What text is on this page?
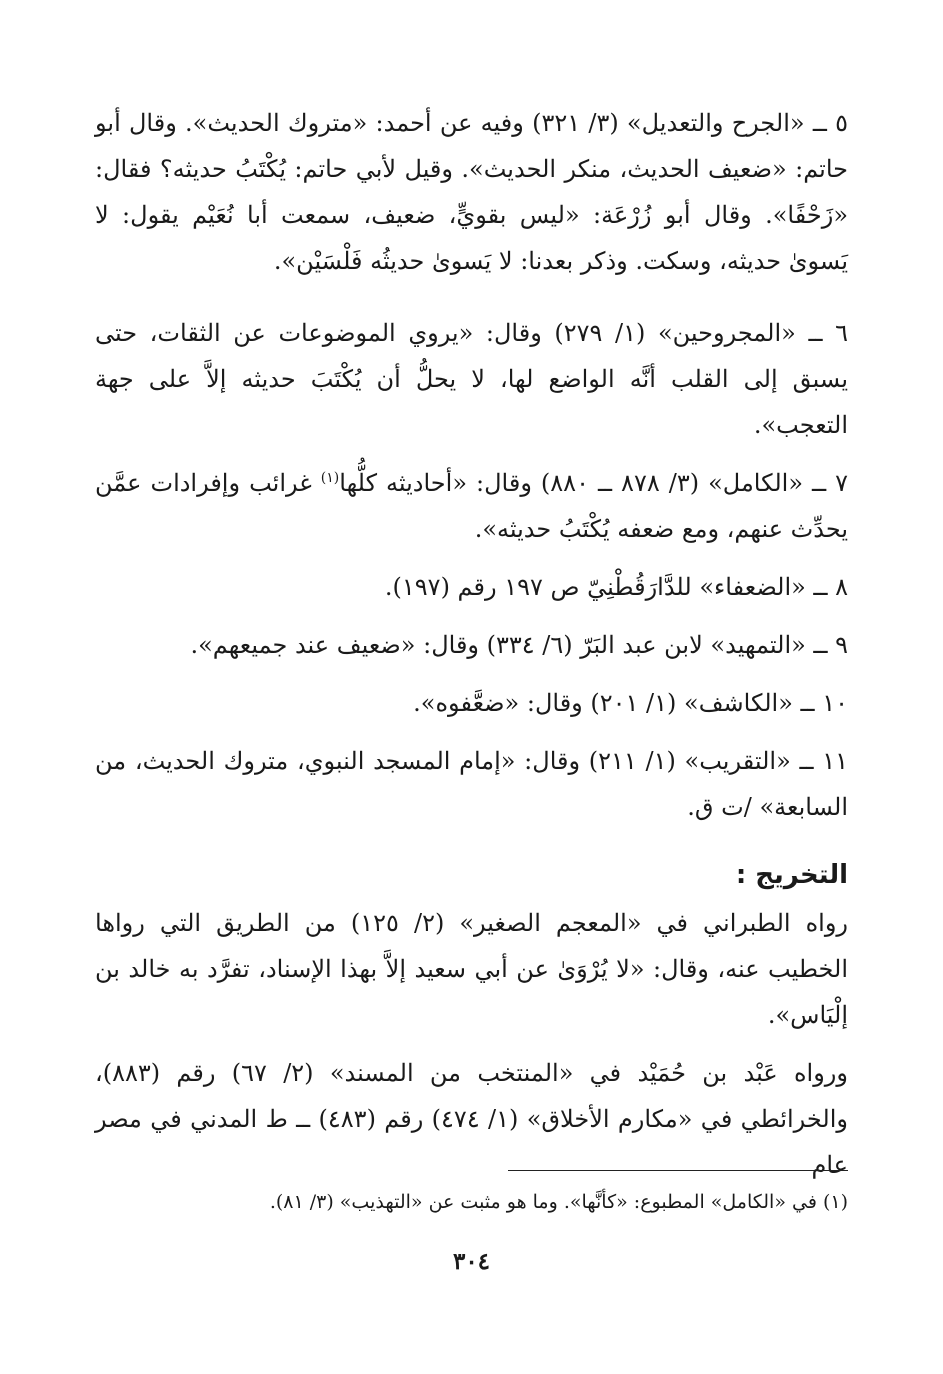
٥ ــ «الجرح والتعديل» (٣/ ٣٢١) وفيه عن أحمد: «متروك الحديث». وقال أبو حاتم: «ضعيف الحديث، منكر الحديث». وقيل لأبي حاتم: يُكْتَبُ حديثه؟ فقال: «زَحْفًا». وقال أبو زُرْعَة: «ليس بقويٍّ، ضعيف، سمعت أبا نُعَيْم يقول: لا يَسوىٰ حديثه، وسكت. وذكر بعدنا: لا يَسوىٰ حديثُه فَلْسَيْن».

٦ ــ «المجروحين» (١/ ٢٧٩) وقال: «يروي الموضوعات عن الثقات، حتى يسبق إلى القلب أنَّه الواضع لها، لا يحلُّ أن يُكْتَبَ حديثه إلاَّ على جهة التعجب».

٧ ــ «الكامل» (٣/ ٨٧٨ ــ ٨٨٠) وقال: «أحاديثه كلُّها$^{(١)}$ غرائب وإفرادات عمَّن يحدِّث عنهم، ومع ضعفه يُكْتَبُ حديثه».

٨ ــ «الضعفاء» للدَّارَقُطْنِيّ ص ١٩٧ رقم (١٩٧).

٩ ــ «التمهيد» لابن عبد البَرّ (٦/ ٣٣٤) وقال: «ضعيف عند جميعهم».

١٠ ــ «الكاشف» (١/ ٢٠١) وقال: «ضعَّفوه».

١١ ــ «التقريب» (١/ ٢١١) وقال: «إمام المسجد النبوي، متروك الحديث، من السابعة» /ت ق.

التخريج :

رواه الطبراني في «المعجم الصغير» (٢/ ١٢٥) من الطريق التي رواها الخطيب عنه، وقال: «لا يُرْوَىٰ عن أبي سعيد إلاَّ بهذا الإسناد، تفرَّد به خالد بن إلْيَاس».

ورواه عَبْد بن حُمَيْد في «المنتخب من المسند» (٢/ ٦٧) رقم (٨٨٣)، والخرائطي في «مكارم الأخلاق» (١/ ٤٧٤) رقم (٤٨٣) ــ ط المدني في مصر عام

(١) في «الكامل» المطبوع: «كأنَّها». وما هو مثبت عن «التهذيب» (٣/ ٨١).
٣٠٤
